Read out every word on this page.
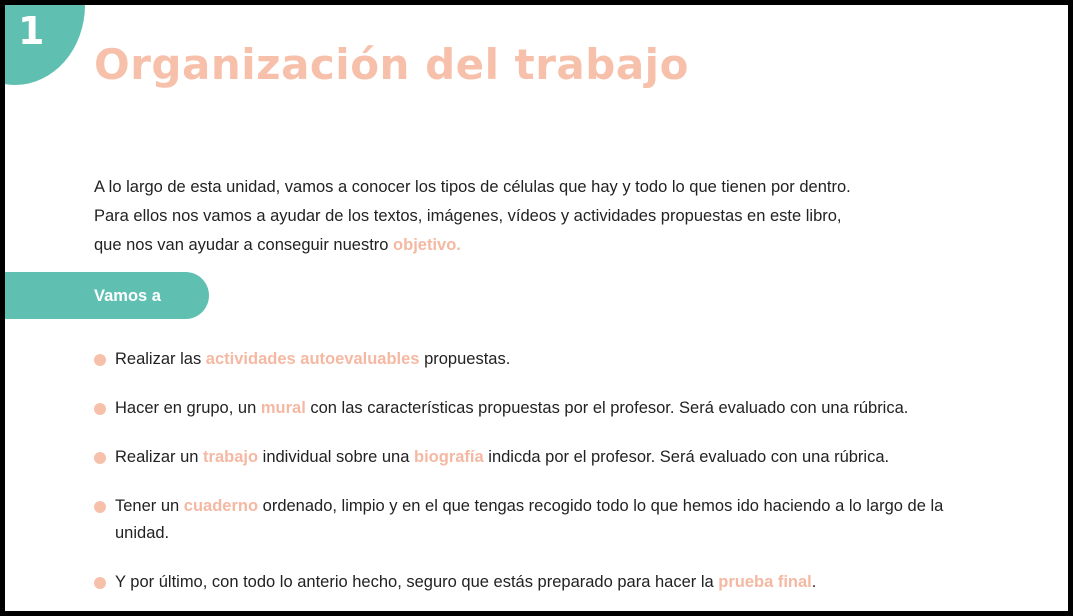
1
Organización del trabajo

A lo largo de esta unidad, vamos a conocer los tipos de células que hay y todo lo que tienen por dentro.
Para ellos nos vamos a ayudar de los textos, imágenes, vídeos y actividades propuestas en este libro,
que nos van ayudar a conseguir nuestro objetivo.

Vamos a
Realizar las actividades autoevaluables propuestas.
Hacer en grupo, un mural con las características propuestas por el profesor. Será evaluado con una rúbrica.
Realizar un trabajo individual sobre una biografía indicda por el profesor. Será evaluado con una rúbrica.
Tener un cuaderno ordenado, limpio y en el que tengas recogido todo lo que hemos ido haciendo a lo largo de la unidad.
Y por último, con todo lo anterio hecho, seguro que estás preparado para hacer la prueba final.
